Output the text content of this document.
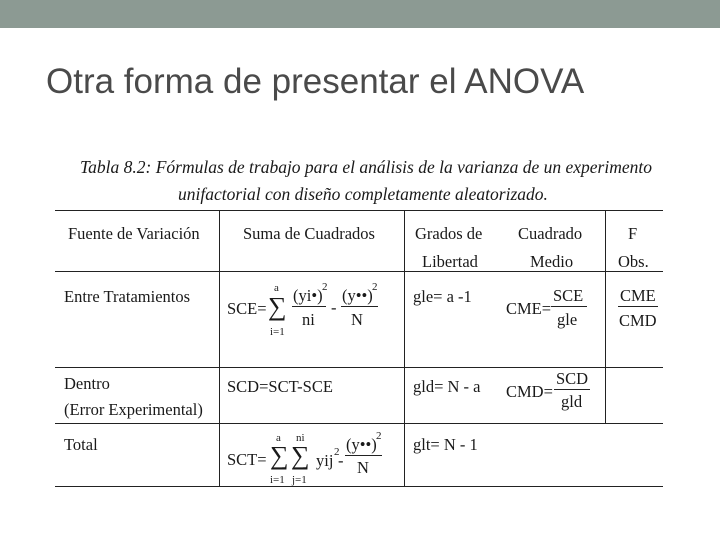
Otra forma de presentar el ANOVA
Tabla 8.2: Fórmulas de trabajo para el análisis de la varianza de un experimento
unifactorial con diseño completamente aleatorizado.
Fuente de Variación	Suma de Cuadrados Grados de
Libertad
Cuadrado
Medio
F
Obs.
Entre Tratamientos
SCE=
a
∑
i=1
(yi•) 2
ni
-
(y••) 2
N
gle= a -1
CME=
SCE
gle
CME
CMD
Dentro
(Error Experimental)
SCD=SCT-SCE	gld= N - a CMD=
SCD
gld
Total
SCT=
a
∑
i=1
ni
∑
j=1
yij 2
-
(y••) 2
N
glt= N - 1
